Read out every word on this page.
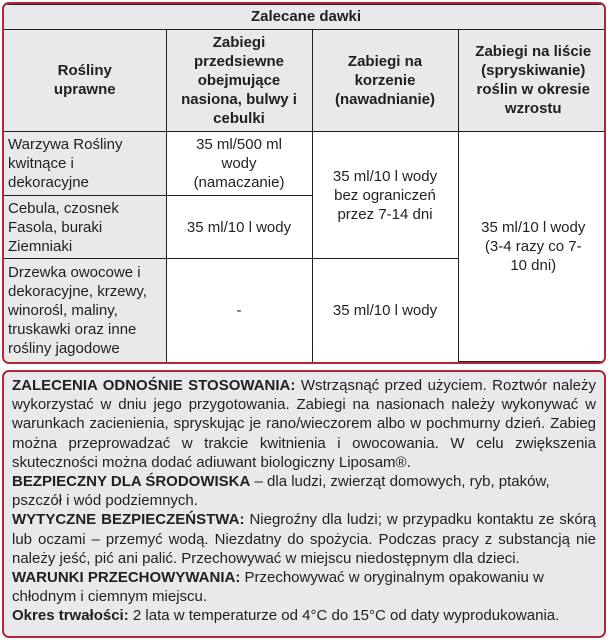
Zalecane dawki			
Rośliny uprawne	Zabiegi przedsiewne obejmujące nasiona, bulwy i cebulki	Zabiegi na korzenie (nawadnianie)	Zabiegi na liście (spryskiwanie) roślin w okresie wzrostu
Warzywa Rośliny kwitnące i dekoracyjne	35 ml/500 ml wody (namaczanie)	35 ml/10 l wody bez ograniczeń przez 7-14 dni	35 ml/10 l wody (3-4 razy co 7-10 dni)
Cebula, czosnek Fasola, buraki Ziemniaki	35 ml/10 l wody		
Drzewka owocowe i dekoracyjne, krzewy, winorośl, maliny, truskawki oraz inne rośliny jagodowe	-	35 ml/10 l wody	

ZALECENIA ODNOŚNIE STOSOWANIA: Wstrząsnąć przed użyciem. Roztwór należy wykorzystać w dniu jego przygotowania. Zabiegi na nasionach należy wykonywać w warunkach zacienienia, spryskując je rano/wieczorem albo w pochmurny dzień. Zabieg można przeprowadzać w trakcie kwitnienia i owocowania. W celu zwiększenia skuteczności można dodać adiuwant biologiczny Liposam®.

BEZPIECZNY DLA ŚRODOWISKA – dla ludzi, zwierząt domowych, ryb, ptaków, pszczół i wód podziemnych.

WYTYCZNE BEZPIECZEŃSTWA: Niegroźny dla ludzi; w przypadku kontaktu ze skórą lub oczami – przemyć wodą. Niezdatny do spożycia. Podczas pracy z substancją nie należy jeść, pić ani palić. Przechowywać w miejscu niedostępnym dla dzieci.

WARUNKI PRZECHOWYWANIA: Przechowywać w oryginalnym opakowaniu w chłodnym i ciemnym miejscu.

Okres trwałości: 2 lata w temperaturze od 4°C do 15°C od daty wyprodukowania.
